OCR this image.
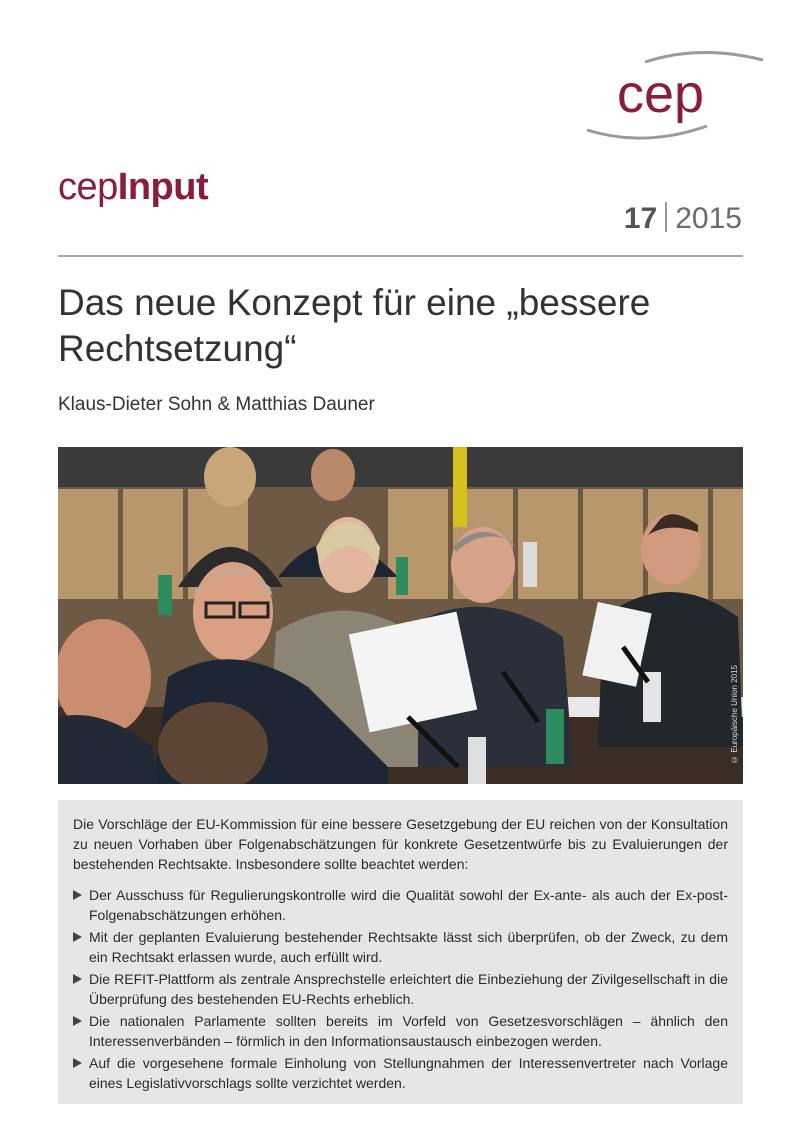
cep
cepInput
17 2015
Das neue Konzept für eine „bessere Rechtsetzung“
Klaus-Dieter Sohn & Matthias Dauner
© Europäische Union 2015

Die Vorschläge der EU-Kommission für eine bessere Gesetzgebung der EU reichen von der Konsultation zu neuen Vorhaben über Folgenabschätzungen für konkrete Gesetzentwürfe bis zu Evaluierungen der bestehenden Rechtsakte. Insbesondere sollte beachtet werden:

Der Ausschuss für Regulierungskontrolle wird die Qualität sowohl der Ex-ante- als auch der Ex-post-Folgenabschätzungen erhöhen.
Mit der geplanten Evaluierung bestehender Rechtsakte lässt sich überprüfen, ob der Zweck, zu dem ein Rechtsakt erlassen wurde, auch erfüllt wird.
Die REFIT-Plattform als zentrale Ansprechstelle erleichtert die Einbeziehung der Zivilgesellschaft in die Überprüfung des bestehenden EU-Rechts erheblich.
Die nationalen Parlamente sollten bereits im Vorfeld von Gesetzesvorschlägen – ähnlich den Interessenverbänden – förmlich in den Informationsaustausch einbezogen werden.
Auf die vorgesehene formale Einholung von Stellungnahmen der Interessenvertreter nach Vorlage eines Legislativvorschlags sollte verzichtet werden.
